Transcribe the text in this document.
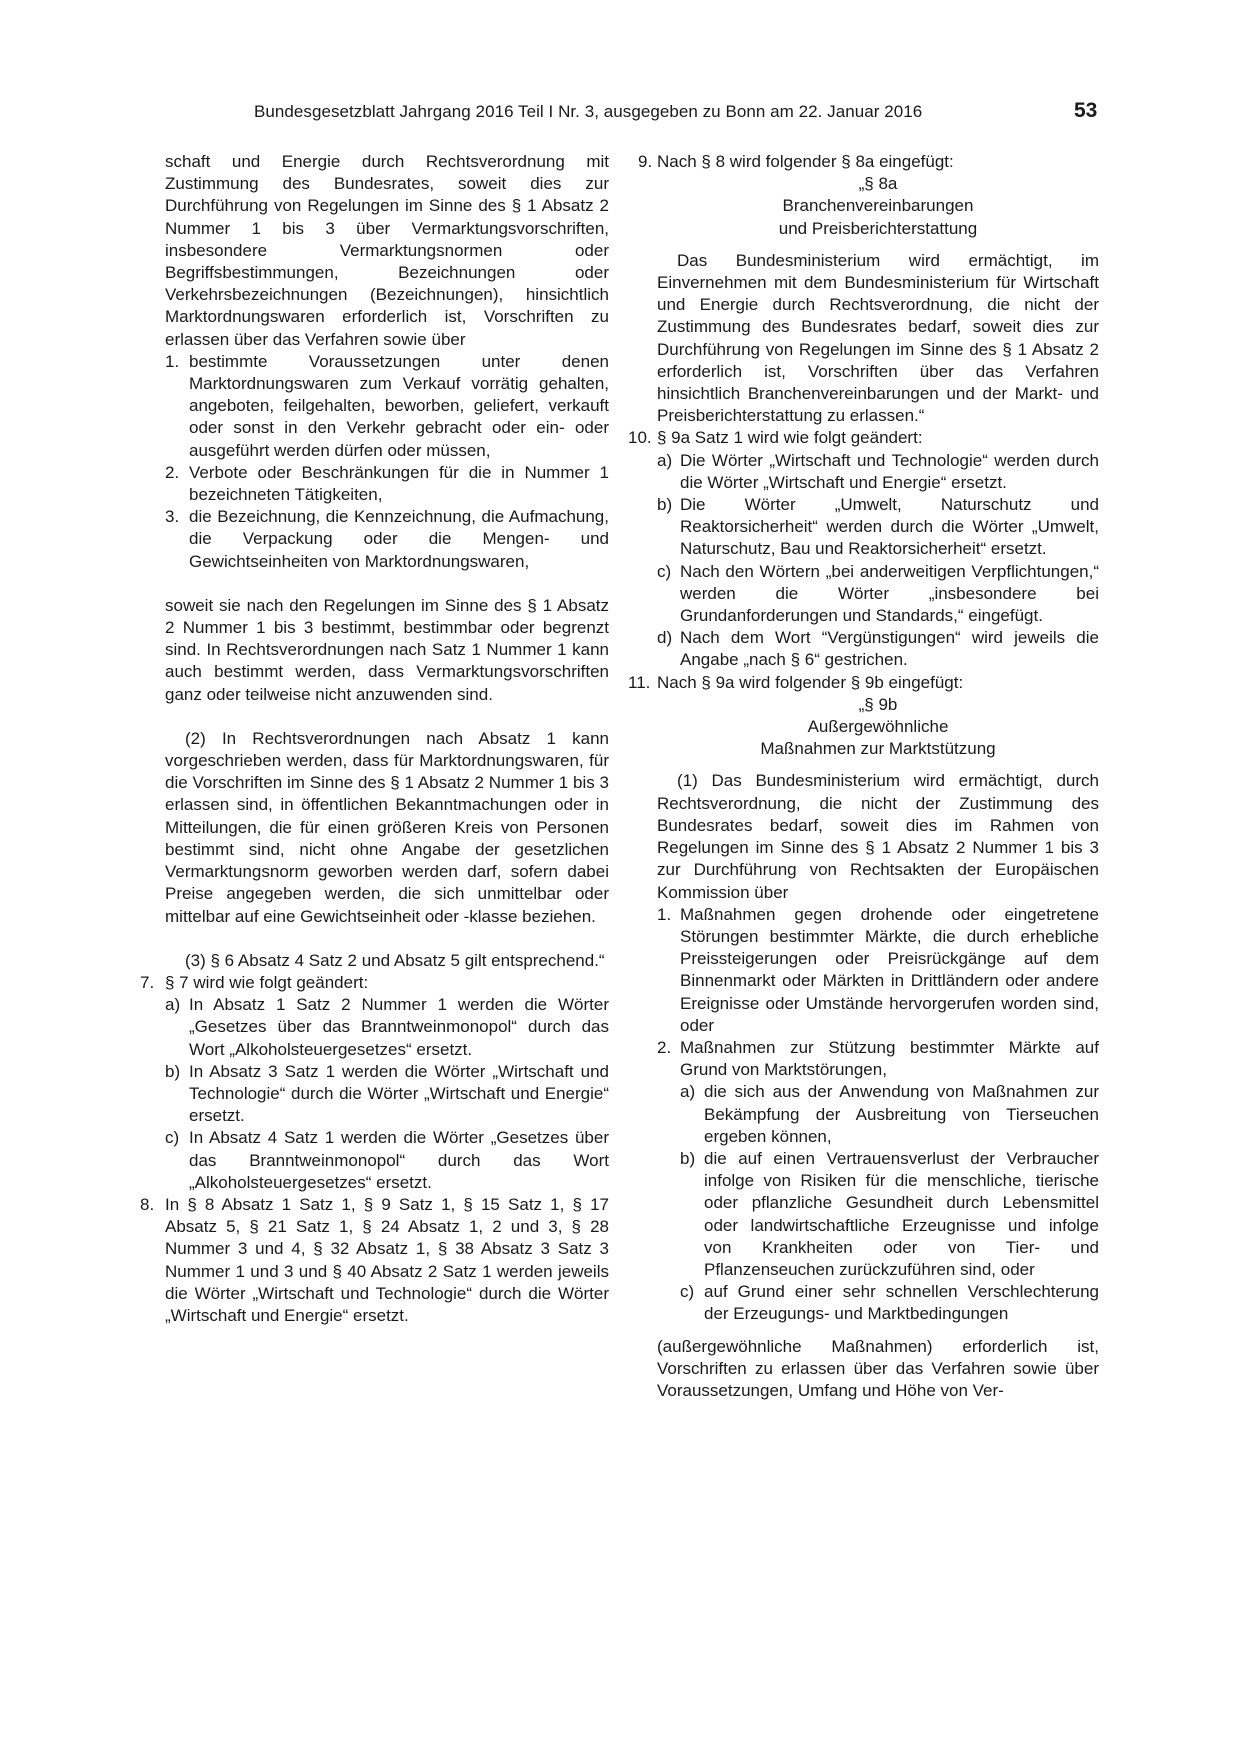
Bundesgesetzblatt Jahrgang 2016 Teil I Nr. 3, ausgegeben zu Bonn am 22. Januar 2016	53

schaft und Energie durch Rechtsverordnung mit Zustimmung des Bundesrates, soweit dies zur Durchführung von Regelungen im Sinne des § 1 Absatz 2 Nummer 1 bis 3 über Vermarktungsvorschriften, insbesondere Vermarktungsnormen oder Begriffsbestimmungen, Bezeichnungen oder Verkehrsbezeichnungen (Bezeichnungen), hinsichtlich Marktordnungswaren erforderlich ist, Vorschriften zu erlassen über das Verfahren sowie über

1. bestimmte Voraussetzungen unter denen Marktordnungswaren zum Verkauf vorrätig gehalten, angeboten, feilgehalten, beworben, geliefert, verkauft oder sonst in den Verkehr gebracht oder ein- oder ausgeführt werden dürfen oder müssen,
2. Verbote oder Beschränkungen für die in Nummer 1 bezeichneten Tätigkeiten,
3. die Bezeichnung, die Kennzeichnung, die Aufmachung, die Verpackung oder die Mengen- und Gewichtseinheiten von Marktordnungswaren,

soweit sie nach den Regelungen im Sinne des § 1 Absatz 2 Nummer 1 bis 3 bestimmt, bestimmbar oder begrenzt sind. In Rechtsverordnungen nach Satz 1 Nummer 1 kann auch bestimmt werden, dass Vermarktungsvorschriften ganz oder teilweise nicht anzuwenden sind.

(2) In Rechtsverordnungen nach Absatz 1 kann vorgeschrieben werden, dass für Marktordnungswaren, für die Vorschriften im Sinne des § 1 Absatz 2 Nummer 1 bis 3 erlassen sind, in öffentlichen Bekanntmachungen oder in Mitteilungen, die für einen größeren Kreis von Personen bestimmt sind, nicht ohne Angabe der gesetzlichen Vermarktungsnorm geworben werden darf, sofern dabei Preise angegeben werden, die sich unmittelbar oder mittelbar auf eine Gewichtseinheit oder -klasse beziehen.

(3) § 6 Absatz 4 Satz 2 und Absatz 5 gilt entsprechend.“

7. § 7 wird wie folgt geändert:
a) In Absatz 1 Satz 2 Nummer 1 werden die Wörter „Gesetzes über das Branntweinmonopol“ durch das Wort „Alkoholsteuergesetzes“ ersetzt.
b) In Absatz 3 Satz 1 werden die Wörter „Wirtschaft und Technologie“ durch die Wörter „Wirtschaft und Energie“ ersetzt.
c) In Absatz 4 Satz 1 werden die Wörter „Gesetzes über das Branntweinmonopol“ durch das Wort „Alkoholsteuergesetzes“ ersetzt.
8. In § 8 Absatz 1 Satz 1, § 9 Satz 1, § 15 Satz 1, § 17 Absatz 5, § 21 Satz 1, § 24 Absatz 1, 2 und 3, § 28 Nummer 3 und 4, § 32 Absatz 1, § 38 Absatz 3 Satz 3 Nummer 1 und 3 und § 40 Absatz 2 Satz 1 werden jeweils die Wörter „Wirtschaft und Technologie“ durch die Wörter „Wirtschaft und Energie“ ersetzt.
9. Nach § 8 wird folgender § 8a eingefügt:

„§ 8a

Branchenvereinbarungen

und Preisberichterstattung

Das Bundesministerium wird ermächtigt, im Einvernehmen mit dem Bundesministerium für Wirtschaft und Energie durch Rechtsverordnung, die nicht der Zustimmung des Bundesrates bedarf, soweit dies zur Durchführung von Regelungen im Sinne des § 1 Absatz 2 erforderlich ist, Vorschriften über das Verfahren hinsichtlich Branchenvereinbarungen und der Markt- und Preisberichterstattung zu erlassen.“

10. § 9a Satz 1 wird wie folgt geändert:
a) Die Wörter „Wirtschaft und Technologie“ werden durch die Wörter „Wirtschaft und Energie“ ersetzt.
b) Die Wörter „Umwelt, Naturschutz und Reaktorsicherheit“ werden durch die Wörter „Umwelt, Naturschutz, Bau und Reaktorsicherheit“ ersetzt.
c) Nach den Wörtern „bei anderweitigen Verpflichtungen,“ werden die Wörter „insbesondere bei Grundanforderungen und Standards,“ eingefügt.
d) Nach dem Wort “Vergünstigungen“ wird jeweils die Angabe „nach § 6“ gestrichen.
11. Nach § 9a wird folgender § 9b eingefügt:

„§ 9b

Außergewöhnliche

Maßnahmen zur Marktstützung

(1) Das Bundesministerium wird ermächtigt, durch Rechtsverordnung, die nicht der Zustimmung des Bundesrates bedarf, soweit dies im Rahmen von Regelungen im Sinne des § 1 Absatz 2 Nummer 1 bis 3 zur Durchführung von Rechtsakten der Europäischen Kommission über

1. Maßnahmen gegen drohende oder eingetretene Störungen bestimmter Märkte, die durch erhebliche Preissteigerungen oder Preisrückgänge auf dem Binnenmarkt oder Märkten in Drittländern oder andere Ereignisse oder Umstände hervorgerufen worden sind, oder
2. Maßnahmen zur Stützung bestimmter Märkte auf Grund von Marktstörungen,
a) die sich aus der Anwendung von Maßnahmen zur Bekämpfung der Ausbreitung von Tierseuchen ergeben können,
b) die auf einen Vertrauensverlust der Verbraucher infolge von Risiken für die menschliche, tierische oder pflanzliche Gesundheit durch Lebensmittel oder landwirtschaftliche Erzeugnisse und infolge von Krankheiten oder von Tier- und Pflanzenseuchen zurückzuführen sind, oder
c) auf Grund einer sehr schnellen Verschlechterung der Erzeugungs- und Marktbedingungen

(außergewöhnliche Maßnahmen) erforderlich ist, Vorschriften zu erlassen über das Verfahren sowie über Voraussetzungen, Umfang und Höhe von Ver-
